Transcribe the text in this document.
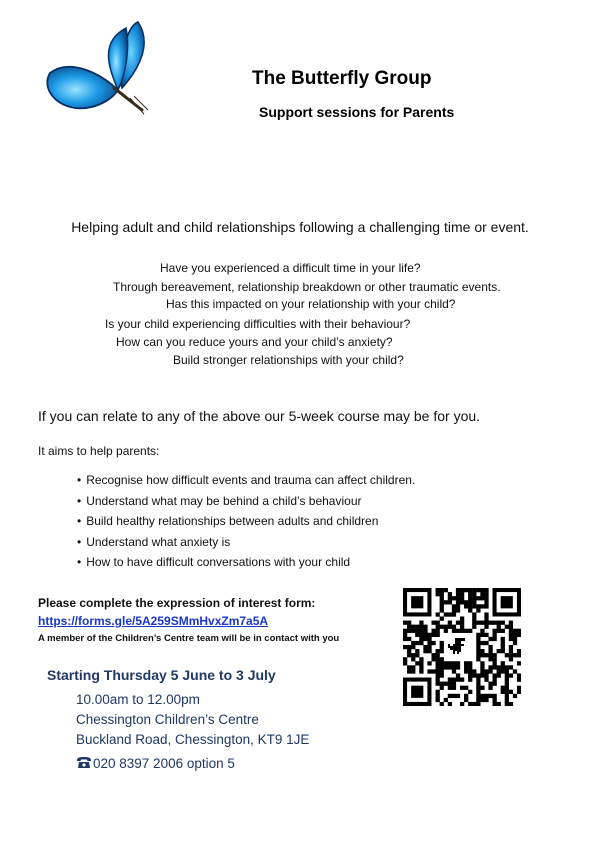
The Butterfly Group
Support sessions for Parents
Helping adult and child relationships following a challenging time or event.
Have you experienced a difficult time in your life?
Through bereavement, relationship breakdown or other traumatic events.
Has this impacted on your relationship with your child?
Is your child experiencing difficulties with their behaviour?
How can you reduce yours and your child’s anxiety?
Build stronger relationships with your child?
If you can relate to any of the above our 5-week course may be for you.
It aims to help parents:
• Recognise how difficult events and trauma can affect children.
• Understand what may be behind a child’s behaviour
• Build healthy relationships between adults and children
• Understand what anxiety is
• How to have difficult conversations with your child
Please complete the expression of interest form:
https://forms.gle/5A259SMmHvxZm7a5A
A member of the Children’s Centre team will be in contact with you
Starting Thursday 5 June to 3 July
10.00am to 12.00pm
Chessington Children’s Centre
Buckland Road, Chessington, KT9 1JE
020 8397 2006 option 5
